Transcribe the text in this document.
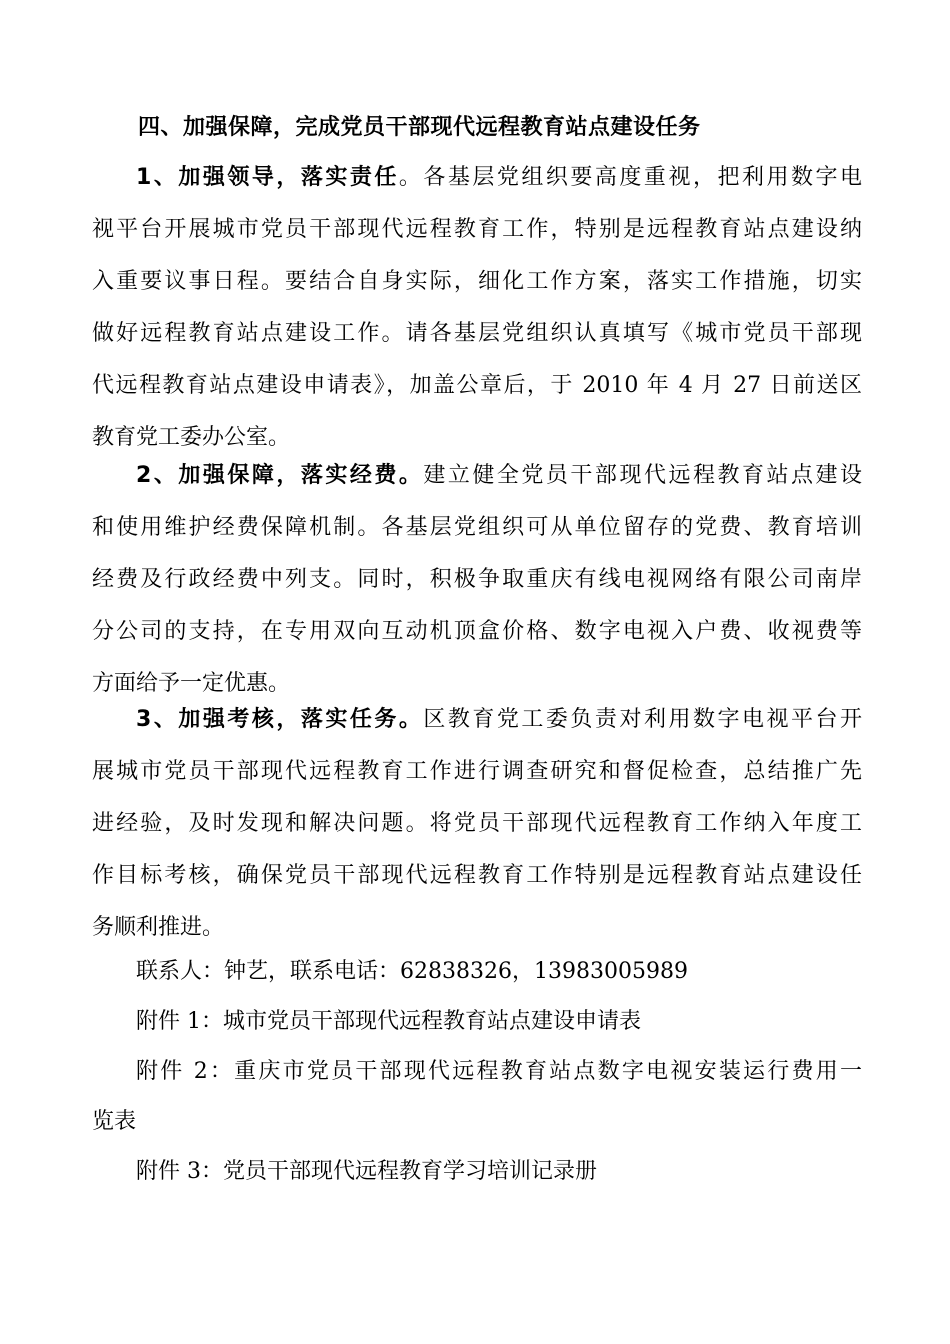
四、加强保障，完成党员干部现代远程教育站点建设任务
1、加强领导，落实责任。各基层党组织要高度重视，把利用数字电
视平台开展城市党员干部现代远程教育工作，特别是远程教育站点建设纳
入重要议事日程。要结合自身实际，细化工作方案，落实工作措施，切实
做好远程教育站点建设工作。请各基层党组织认真填写《城市党员干部现
代远程教育站点建设申请表》，加盖公章后，于 2010 年 4 月 27 日前送区
教育党工委办公室。
2、加强保障，落实经费。建立健全党员干部现代远程教育站点建设
和使用维护经费保障机制。各基层党组织可从单位留存的党费、教育培训
经费及行政经费中列支。同时，积极争取重庆有线电视网络有限公司南岸
分公司的支持，在专用双向互动机顶盒价格、数字电视入户费、收视费等
方面给予一定优惠。
3、加强考核，落实任务。区教育党工委负责对利用数字电视平台开
展城市党员干部现代远程教育工作进行调查研究和督促检查，总结推广先
进经验，及时发现和解决问题。将党员干部现代远程教育工作纳入年度工
作目标考核，确保党员干部现代远程教育工作特别是远程教育站点建设任
务顺利推进。
联系人：钟艺，联系电话：62838326，13983005989
附件 1：城市党员干部现代远程教育站点建设申请表
附件 2：重庆市党员干部现代远程教育站点数字电视安装运行费用一
览表
附件 3：党员干部现代远程教育学习培训记录册
